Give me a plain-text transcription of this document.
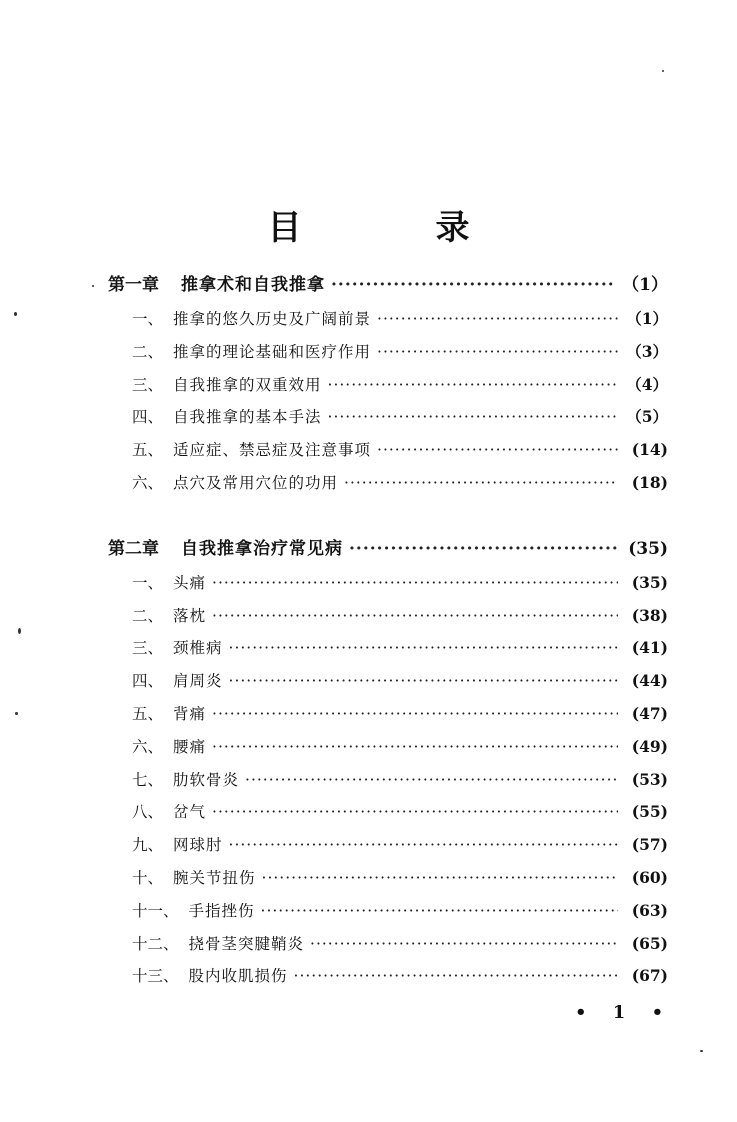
目　录
第一章 推拿术和自我推拿 ·····	（1）
一、 推拿的悠久历史及广阔前景 ·····	（1）
二、 推拿的理论基础和医疗作用 ·····	（3）
三、 自我推拿的双重效用 ·····	（4）
四、 自我推拿的基本手法 ·····	（5）
五、 适应症、禁忌症及注意事项 ·····	(14)
六、 点穴及常用穴位的功用 ·····	(18)
第二章 自我推拿治疗常见病 ·····	(35)
一、 头痛 ·····	(35)
二、 落枕 ·····	(38)
三、 颈椎病 ·····	(41)
四、 肩周炎 ·····	(44)
五、 背痛 ·····	(47)
六、 腰痛 ·····	(49)
七、 肋软骨炎 ·····	(53)
八、 岔气 ·····	(55)
九、 网球肘 ·····	(57)
十、 腕关节扭伤 ·····	(60)
十一、 手指挫伤 ·····	(63)
十二、 挠骨茎突腱鞘炎 ·····	(65)
十三、 股内收肌损伤 ·····	(67)
• 1 •
